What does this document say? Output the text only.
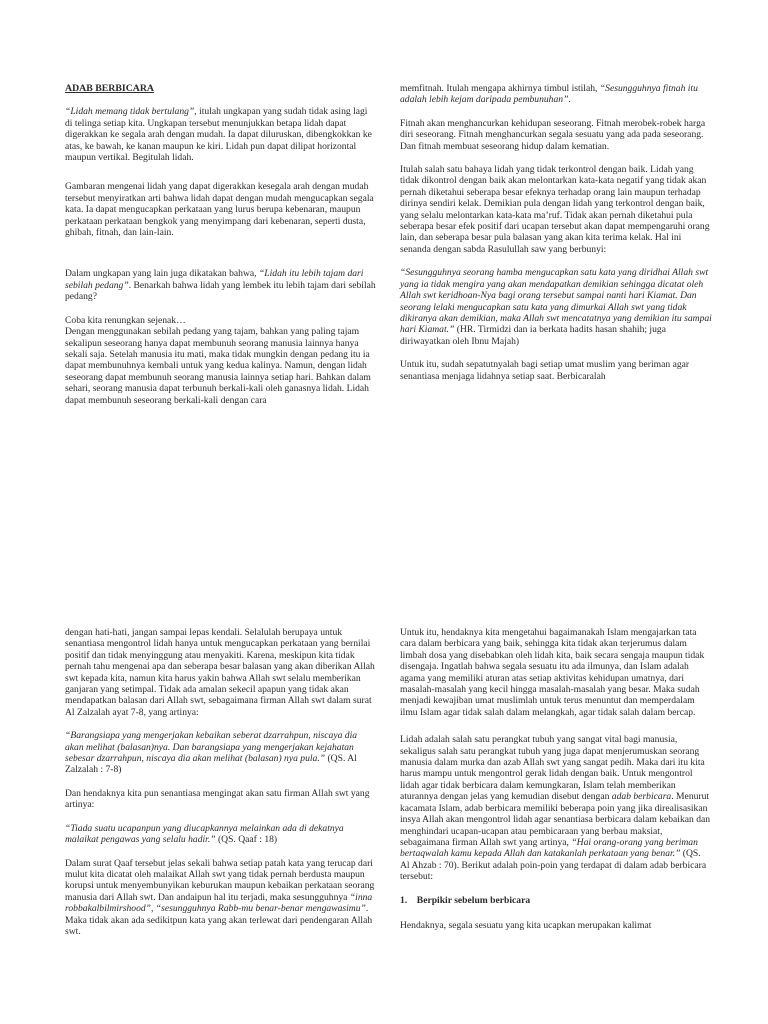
ADAB BERBICARA

“Lidah memang tidak bertulang”, itulah ungkapan yang sudah tidak asing lagi di telinga setiap kita. Ungkapan tersebut menunjukkan betapa lidah dapat digerakkan ke segala arah dengan mudah. Ia dapat diluruskan, dibengkokkan ke atas, ke bawah, ke kanan maupun ke kiri. Lidah pun dapat dilipat horizontal maupun vertikal. Begitulah lidah.

Gambaran mengenai lidah yang dapat digerakkan kesegala arah dengan mudah tersebut menyiratkan arti bahwa lidah dapat dengan mudah mengucapkan segala kata. Ia dapat mengucapkan perkataan yang lurus berupa kebenaran, maupun perkataan perkataan bengkok yang menyimpang dari kebenaran, seperti dusta, ghibah, fitnah, dan lain-lain.

Dalam ungkapan yang lain juga dikatakan bahwa, “Lidah itu lebih tajam dari sebilah pedang”. Benarkah bahwa lidah yang lembek itu lebih tajam dari sebilah pedang?

Coba kita renungkan sejenak…

Dengan menggunakan sebilah pedang yang tajam, bahkan yang paling tajam sekalipun seseorang hanya dapat membunuh seorang manusia lainnya hanya sekali saja. Setelah manusia itu mati, maka tidak mungkin dengan pedang itu ia dapat membunuhnya kembali untuk yang kedua kalinya. Namun, dengan lidah seseorang dapat membunuh seorang manusia lainnya setiap hari. Bahkan dalam sehari, seorang manusia dapat terbunuh berkali-kali oleh ganasnya lidah. Lidah dapat membunuh seseorang berkali-kali dengan cara

memfitnah. Itulah mengapa akhirnya timbul istilah, “Sesungguhnya fitnah itu adalah lebih kejam daripada pembunuhan”.

Fitnah akan menghancurkan kehidupan seseorang. Fitnah merobek-robek harga diri seseorang. Fitnah menghancurkan segala sesuatu yang ada pada seseorang. Dan fitnah membuat seseorang hidup dalam kematian.

Itulah salah satu bahaya lidah yang tidak terkontrol dengan baik. Lidah yang tidak dikontrol dengan baik akan melontarkan kata-kata negatif yang tidak akan pernah diketahui seberapa besar efeknya terhadap orang lain maupun terhadap dirinya sendiri kelak. Demikian pula dengan lidah yang terkontrol dengan baik, yang selalu melontarkan kata-kata ma’ruf. Tidak akan pernah diketahui pula seberapa besar efek positif dari ucapan tersebut akan dapat mempengaruhi orang lain, dan seberapa besar pula balasan yang akan kita terima kelak. Hal ini senanda dengan sabda Rasulullah saw yang berbunyi:

“Sesungguhnya seorang hamba mengucapkan satu kata yang diridhai Allah swt yang ia tidak mengira yang akan mendapatkan demikian sehingga dicatat oleh Allah swt keridhoan-Nya bagi orang tersebut sampai nanti hari Kiamat. Dan seorang lelaki mengucapkan satu kata yang dimurkai Allah swt yang tidak dikiranya akan demikian, maka Allah swt mencatatnya yang demikian itu sampai hari Kiamat.” (HR. Tirmidzi dan ia berkata hadits hasan shahih; juga diriwayatkan oleh Ibnu Majah)

Untuk itu, sudah sepatutnyalah bagi setiap umat muslim yang beriman agar senantiasa menjaga lidahnya setiap saat. Berbicaralah

dengan hati-hati, jangan sampai lepas kendali. Selalulah berupaya untuk senantiasa mengontrol lidah hanya untuk mengucapkan perkataan yang bernilai positif dan tidak menyinggung atau menyakiti. Karena, meskipun kita tidak pernah tahu mengenai apa dan seberapa besar balasan yang akan diberikan Allah swt kepada kita, namun kita harus yakin bahwa Allah swt selalu memberikan ganjaran yang setimpal. Tidak ada amalan sekecil apapun yang tidak akan mendapatkan balasan dari Allah swt, sebagaimana firman Allah swt dalam surat Al Zalzalah ayat 7-8, yang artinya:

“Barangsiapa yang mengerjakan kebaikan seberat dzarrahpun, niscaya dia akan melihat (balasan)nya. Dan barangsiapa yang mengerjakan kejahatan sebesar dzarrahpun, niscaya dia akan melihat (balasan) nya pula.” (QS. Al Zalzalah : 7-8)

Dan hendaknya kita pun senantiasa mengingat akan satu firman Allah swt yang artinya:

“Tiada suatu ucapanpun yang diucapkannya melainkan ada di dekatnya malaikat pengawas yang selalu hadir.” (QS. Qaaf : 18)

Dalam surat Qaaf tersebut jelas sekali bahwa setiap patah kata yang terucap dari mulut kita dicatat oleh malaikat Allah swt yang tidak pernah berdusta maupun korupsi untuk menyembunyikan keburukan maupun kebaikan perkataan seorang manusia dari Allah swt. Dan andaipun hal itu terjadi, maka sesungguhnya “inna robbakalbilmirshood”, “sesungguhnya Rabb-mu benar-benar mengawasimu”. Maka tidak akan ada sedikitpun kata yang akan terlewat dari pendengaran Allah swt.

Untuk itu, hendaknya kita mengetahui bagaimanakah Islam mengajarkan tata cara dalam berbicara yang baik, sehingga kita tidak akan terjerumus dalam limbah dosa yang disebabkan oleh lidah kita, baik secara sengaja maupun tidak disengaja. Ingatlah bahwa segala sesuatu itu ada ilmunya, dan Islam adalah agama yang memiliki aturan atas setiap aktivitas kehidupan umatnya, dari masalah-masalah yang kecil hingga masalah-masalah yang besar. Maka sudah menjadi kewajiban umat muslimlah untuk terus menuntut dan memperdalam ilmu Islam agar tidak salah dalam melangkah, agar tidak salah dalam bercap.

Lidah adalah salah satu perangkat tubuh yang sangat vital bagi manusia, sekaligus salah satu perangkat tubuh yang juga dapat menjerumuskan seorang manusia dalam murka dan azab Allah swt yang sangat pedih. Maka dari itu kita harus mampu untuk mengontrol gerak lidah dengan baik. Untuk mengontrol lidah agar tidak berbicara dalam kemungkaran, Islam telah memberikan aturannya dengan jelas yang kemudian disebut dengan adab berbicara. Menurut kacamata Islam, adab berbicara memiliki beberapa poin yang jika direalisasikan insya Allah akan mengontrol lidah agar senantiasa berbicara dalam kebaikan dan menghindari ucapan-ucapan atau pembicaraan yang berbau maksiat, sebagaimana firman Allah swt yang artinya, “Hai orang-orang yang beriman bertaqwalah kamu kepada Allah dan katakanlah perkataan yang benar.” (QS. Al Ahzab : 70). Berikut adalah poin-poin yang terdapat di dalam adab berbicara tersebut:

1.    Berpikir sebelum berbicara

Hendaknya, segala sesuatu yang kita ucapkan merupakan kalimat
